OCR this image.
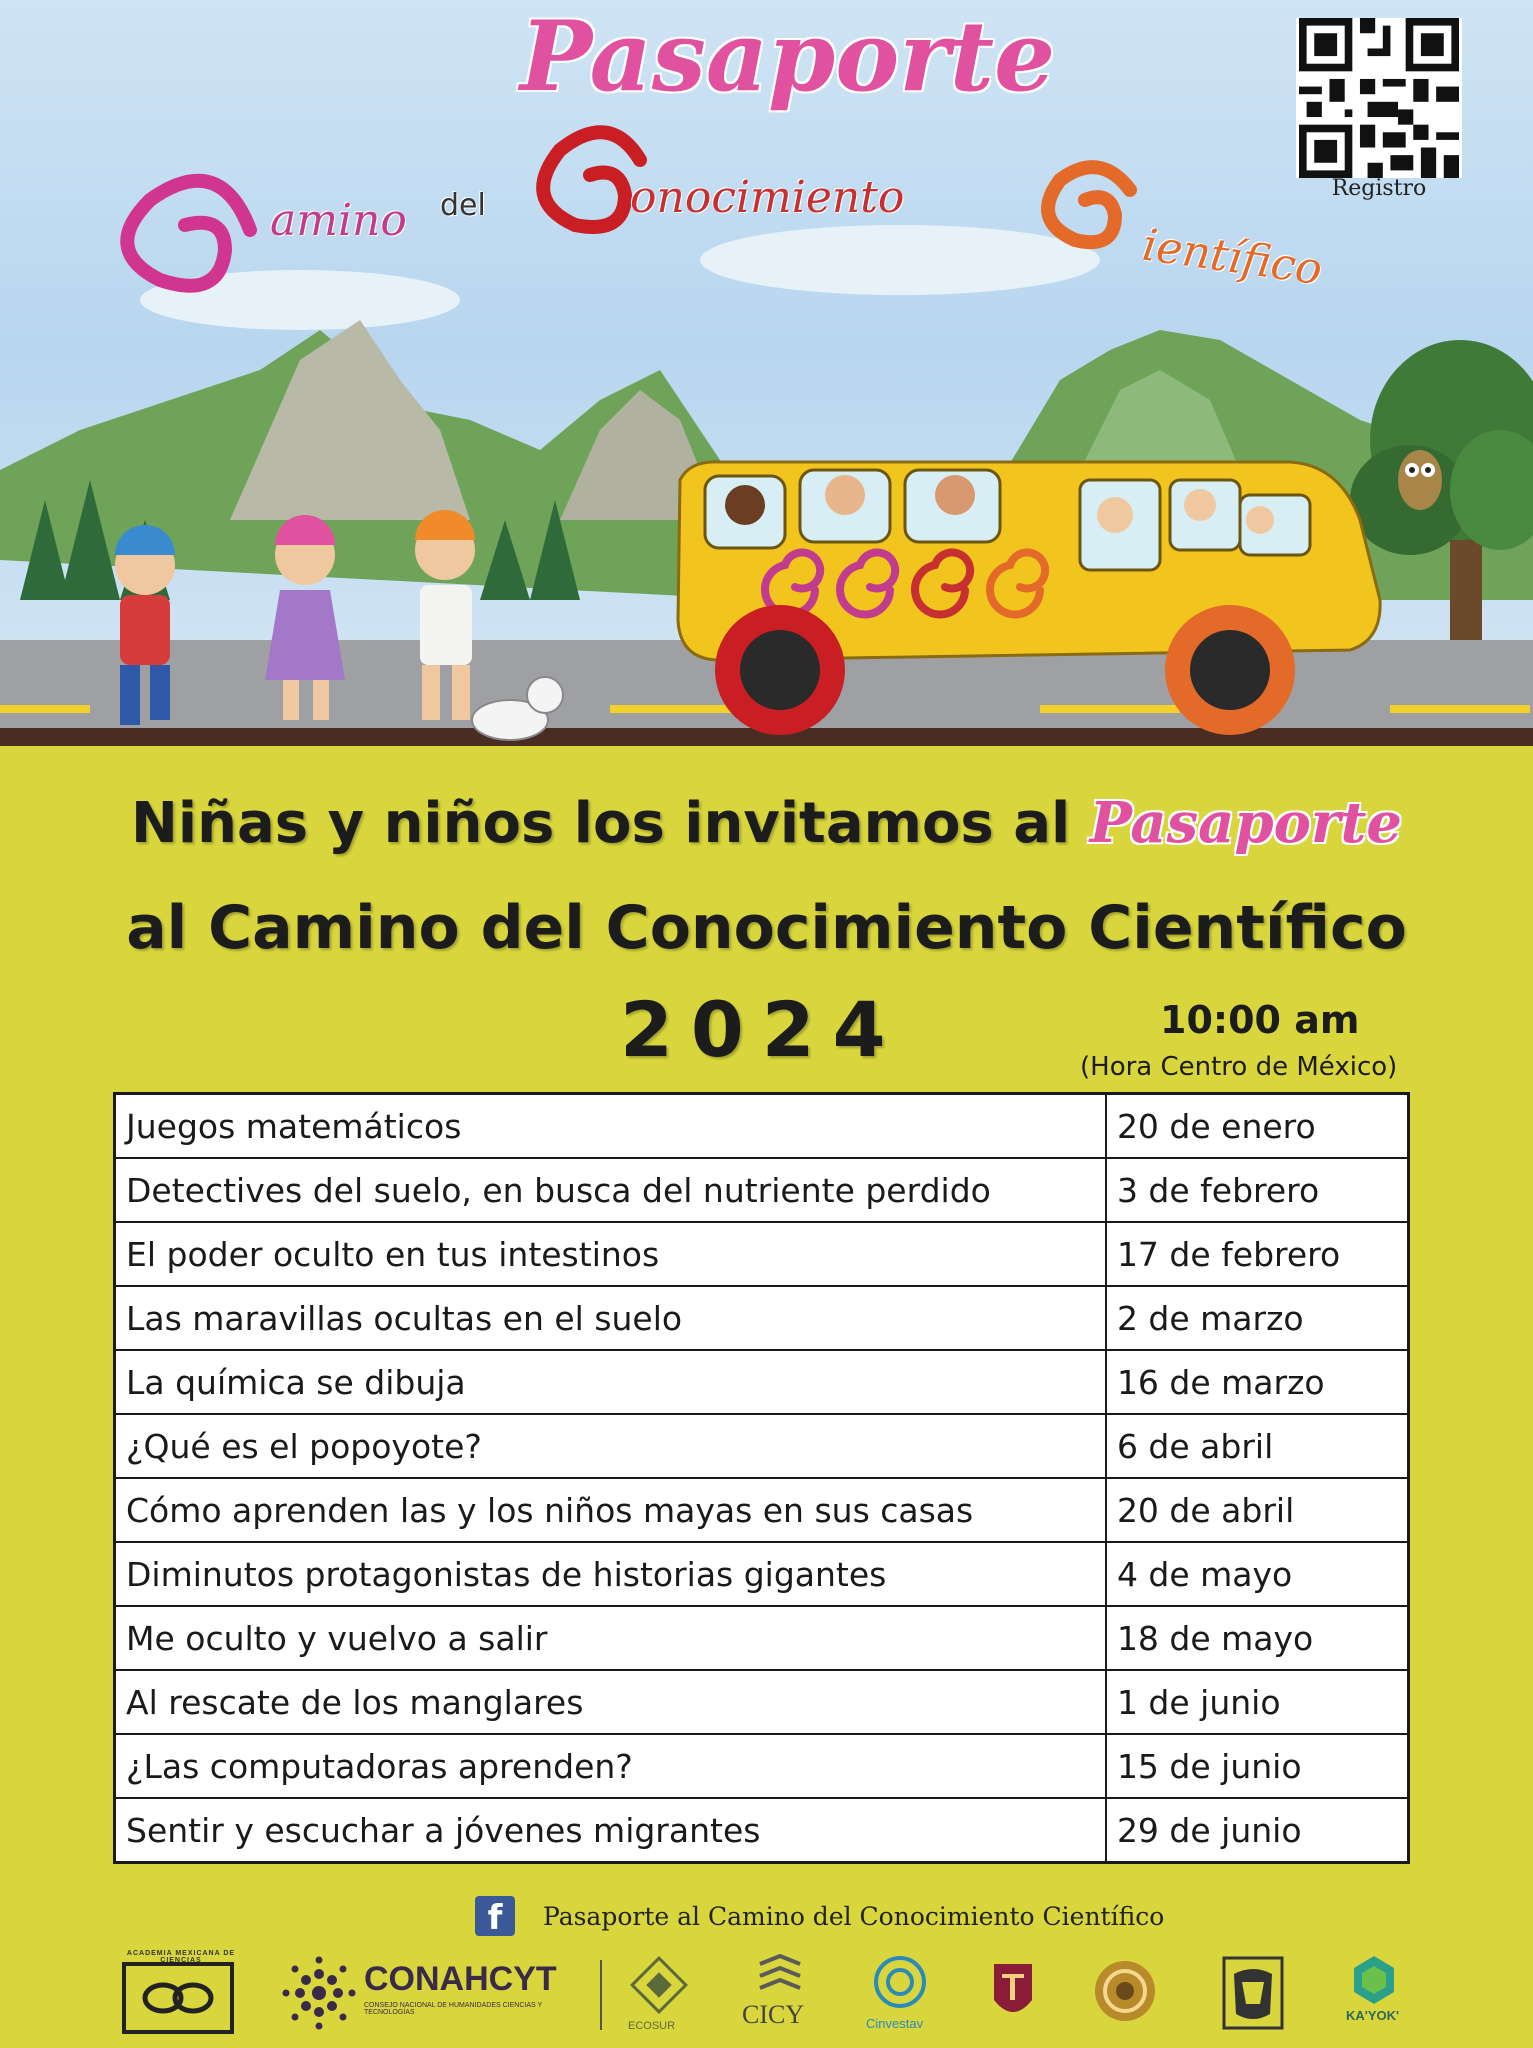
Pasaporte
amino del	onocimiento
ientífico
Registro
Niñas y niños los invitamos al Pasaporte
al Camino del Conocimiento Científico
2024	10:00 am
(Hora Centro de México)
Juegos matemáticos	20 de enero
Detectives del suelo, en busca del nutriente perdido	3 de febrero
El poder oculto en tus intestinos	17 de febrero
Las maravillas ocultas en el suelo	2 de marzo
La química se dibuja	16 de marzo
¿Qué es el popoyote?	6 de abril
Cómo aprenden las y los niños mayas en sus casas	20 de abril
Diminutos protagonistas de historias gigantes	4 de mayo
Me oculto y vuelvo a salir	18 de mayo
Al rescate de los manglares	1 de junio
¿Las computadoras aprenden?	15 de junio
Sentir y escuchar a jóvenes migrantes	29 de junio
f	Pasaporte al Camino del Conocimiento Científico
ACADEMIA MEXICANA DE CIENCIAS	CONAHCYT
CONSEJO NACIONAL DE HUMANIDADES CIENCIAS Y TECNOLOGÍAS
ECOSUR	CICY	Cinvestav
KA'YOK'
